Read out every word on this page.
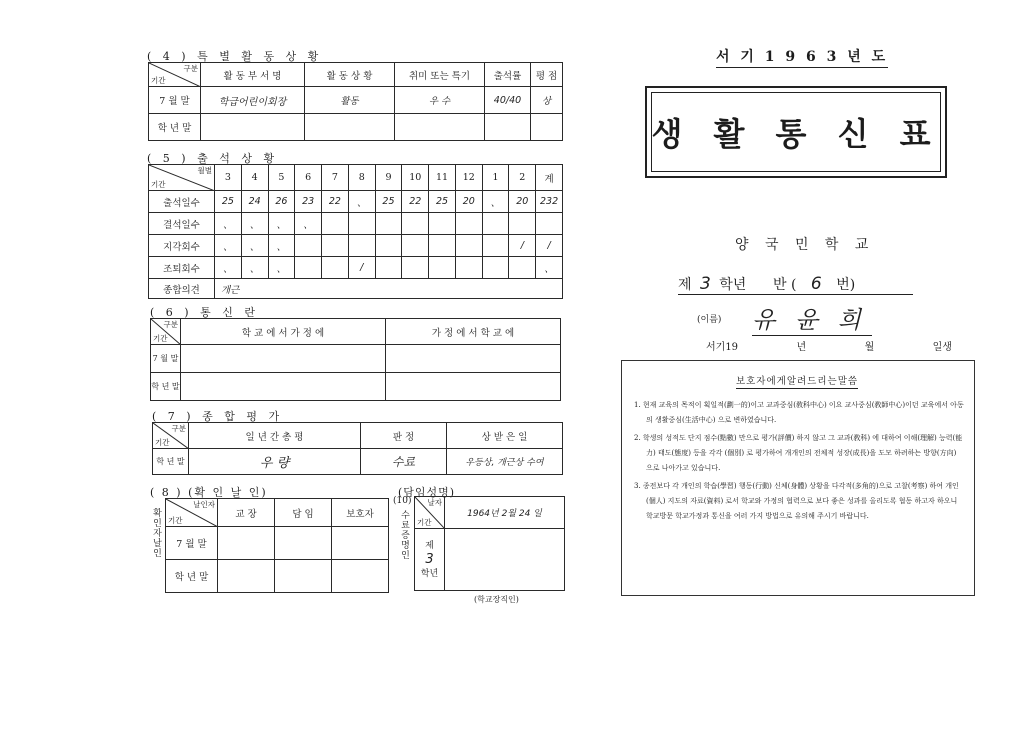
( 4 ) 특 별 활 동 상 황
구분
기간	활 동 부 서 명	활 동 상 황	취미 또는 특기	출석률	평 점
7 월 말	학급어린이회장	활동	우 수	40/40	상
학 년 말					
( 5 ) 출 석 상 황
월별
기간	3	4	5	6	7	8	9	10	11	12	1	2	계
출석일수	25	24	26	23	22	、	25	22	25	20	、	20	232
결석일수	、	、	、	、									
지각회수	、	、	、									/	/
조퇴회수	、	、	、			/							、
종합의견	개근												
( 6 ) 통 신 란
구분
기간	학 교 에 서 가 정 에	가 정 에 서 학 교 에
7 월 말		
학 년 말		
( 7 ) 종 합 평 가
구분
기간	일 년 간 총 평	판 정	상 받 은 일
학 년 말	우 량	수료	우등상, 개근상 수여
( 8 ) (확 인 날 인)
확인자날인
날인자
기간	교 장	담 임	보호자
7 월 말			
학 년 말			
(담임성명)
(10)
수료증명인
날자
기간	1964년 2월 24 일

제
3
학년	

(학교장직인)
서 기 1 9 6 3 년 도
생 활 통 신 표
양 국 민 학 교
제 3 학년      반 ( 6 번)
(이름) 유 윤 희
서기19	년	월	일생
보호자에게알려드리는말씀

1. 현재 교육의 목적이 획일적(劃一的)이고 교과중심(敎科中心) 이요 교사중심(敎師中心)이던 교육에서 아동의 생활중심(生活中心) 으로 변하였습니다.

2. 학생의 성적도 단지 점수(點數) 만으로 평가(評價) 하지 않고 그 교과(敎科) 에 대하여 이해(理解) 능력(能力) 태도(態度) 등을 각각 (個別) 로 평가하여 개개인의 전체적 성장(成長)을 도모 하려하는 방향(方向) 으로 나아가고 있습니다.

3. 종전보다 각 개인의 학습(學習) 행동(行動) 신체(身體) 상황을 다각적(多角的)으로 고찰(考察) 하여 개인(個人) 지도의 자료(資料) 로서 학교와 가정의 협력으로 보다 좋은 성과를 올리도록 협동 하고자 하오니 학교방문 학교가정과 통신을 여러 가지 방법으로 유의해 주시기 바랍니다.
